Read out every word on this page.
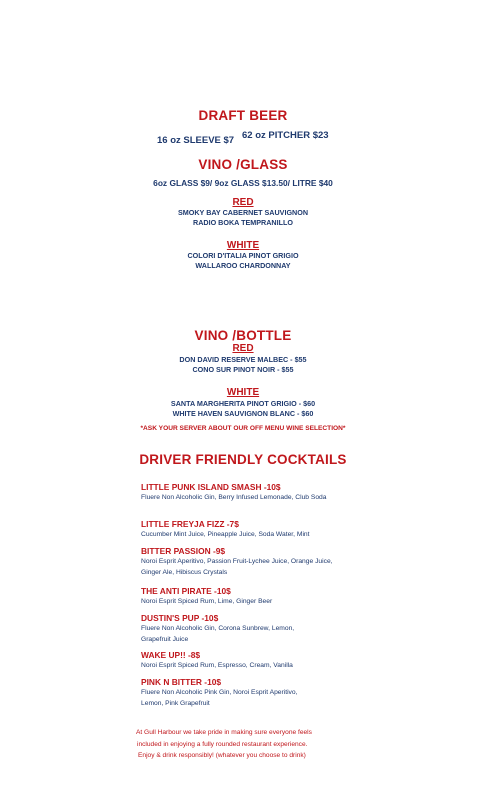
DRAFT BEER
16 oz SLEEVE $7 62 oz PITCHER $23
VINO /GLASS
6oz GLASS $9/ 9oz GLASS $13.50/ LITRE $40
RED
SMOKY BAY CABERNET SAUVIGNON
RADIO BOKA TEMPRANILLO
WHITE
COLORI D'ITALIA PINOT GRIGIO
WALLAROO CHARDONNAY
VINO /BOTTLE
RED
DON DAVID RESERVE MALBEC - $55
CONO SUR PINOT NOIR - $55
WHITE
SANTA MARGHERITA PINOT GRIGIO - $60
WHITE HAVEN SAUVIGNON BLANC - $60
*ASK YOUR SERVER ABOUT OUR OFF MENU WINE SELECTION*
DRIVER FRIENDLY COCKTAILS
LITTLE PUNK ISLAND SMASH -10$
Fluere Non Alcoholic Gin, Berry Infused Lemonade, Club Soda
LITTLE FREYJA FIZZ -7$
Cucumber Mint Juice, Pineapple Juice, Soda Water, Mint
BITTER PASSION -9$
Noroi Esprit Aperitivo, Passion Fruit-Lychee Juice, Orange Juice, Ginger Ale, Hibiscus Crystals
THE ANTI PIRATE -10$
Noroi Esprit Spiced Rum, Lime, Ginger Beer
DUSTIN'S PUP -10$
Fluere Non Alcoholic Gin, Corona Sunbrew, Lemon, Grapefruit Juice
WAKE UP!! -8$
Noroi Esprit Spiced Rum, Espresso, Cream, Vanilla
PINK N BITTER -10$
Fluere Non Alcoholic Pink Gin, Noroi Esprit Aperitivo, Lemon, Pink Grapefruit
At Gull Harbour we take pride in making sure everyone feels
included in enjoying a fully rounded restaurant experience.
Enjoy & drink responsibly! (whatever you choose to drink)
